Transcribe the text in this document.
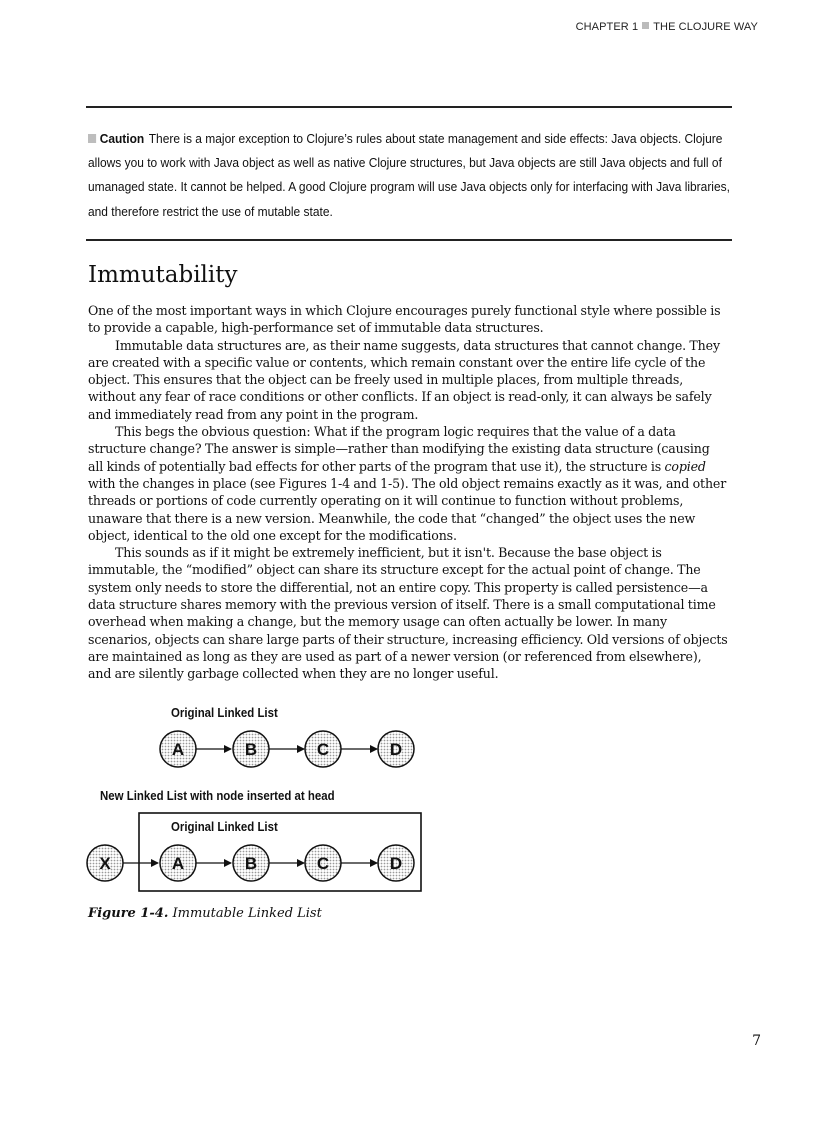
CHAPTER 1 THE CLOJURE WAY

Caution There is a major exception to Clojure’s rules about state management and side effects: Java objects. Clojure allows you to work with Java object as well as native Clojure structures, but Java objects are still Java objects and full of umanaged state. It cannot be helped. A good Clojure program will use Java objects only for interfacing with Java libraries, and therefore restrict the use of mutable state.

Immutability

One of the most important ways in which Clojure encourages purely functional style where possible is to provide a capable, high-performance set of immutable data structures.

Immutable data structures are, as their name suggests, data structures that cannot change. They are created with a specific value or contents, which remain constant over the entire life cycle of the object. This ensures that the object can be freely used in multiple places, from multiple threads, without any fear of race conditions or other conflicts. If an object is read-only, it can always be safely and immediately read from any point in the program.

This begs the obvious question: What if the program logic requires that the value of a data structure change? The answer is simple—rather than modifying the existing data structure (causing all kinds of potentially bad effects for other parts of the program that use it), the structure is copied with the changes in place (see Figures 1-4 and 1-5). The old object remains exactly as it was, and other threads or portions of code currently operating on it will continue to function without problems, unaware that there is a new version. Meanwhile, the code that “changed” the object uses the new object, identical to the old one except for the modifications.

This sounds as if it might be extremely inefficient, but it isn't. Because the base object is immutable, the “modified” object can share its structure except for the actual point of change. The system only needs to store the differential, not an entire copy. This property is called persistence—a data structure shares memory with the previous version of itself. There is a small computational time overhead when making a change, but the memory usage can often actually be lower. In many scenarios, objects can share large parts of their structure, increasing efficiency. Old versions of objects are maintained as long as they are used as part of a newer version (or referenced from elsewhere), and are silently garbage collected when they are no longer useful.

A	B	C	D
X	A	B	C	D
Original Linked List
New Linked List with node inserted at head
Original Linked List
Figure 1-4. Immutable Linked List
7
